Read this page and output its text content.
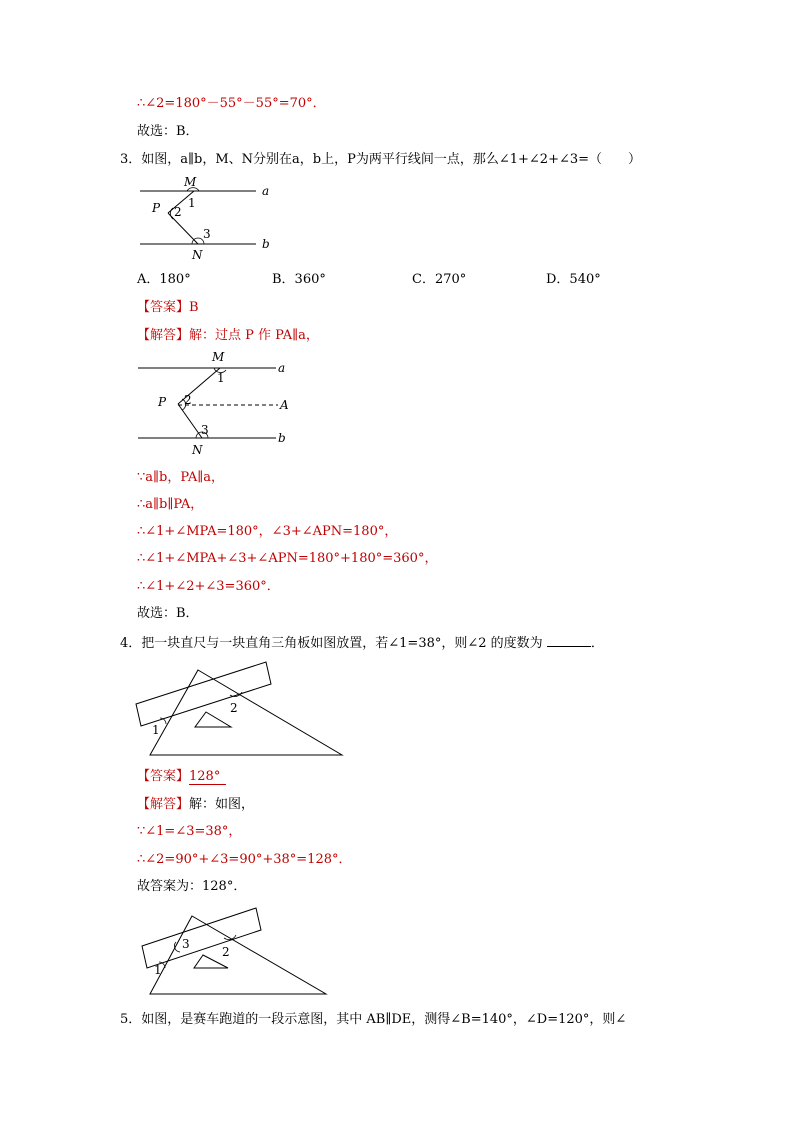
∴∠2=180°－55°－55°=70°．
故选：B．
3．如图，a∥b，M、N分别在a，b上，P为两平行线间一点，那么∠1+∠2+∠3=（　　）
M
a
P 2
1
3
N
b
A．180°	B．360°	C．270°	D．540°
【答案】B
【解答】解：过点 P 作 PA∥a，
M
a
1
P 2	A
3
N
b
∵a∥b，PA∥a，
∴a∥b∥PA，
∴∠1+∠MPA=180°，∠3+∠APN=180°，
∴∠1+∠MPA+∠3+∠APN=180°+180°=360°，
∴∠1+∠2+∠3=360°．
故选：B．
4．把一块直尺与一块直角三角板如图放置，若∠1=38°，则∠2 的度数为	．
1
2
【答案】128°
【解答】解：如图，
∵∠1=∠3=38°，
∴∠2=90°+∠3=90°+38°=128°．
故答案为：128°．
1
2
3
5．如图，是赛车跑道的一段示意图，其中 AB∥DE，测得∠B=140°，∠D=120°，则∠
